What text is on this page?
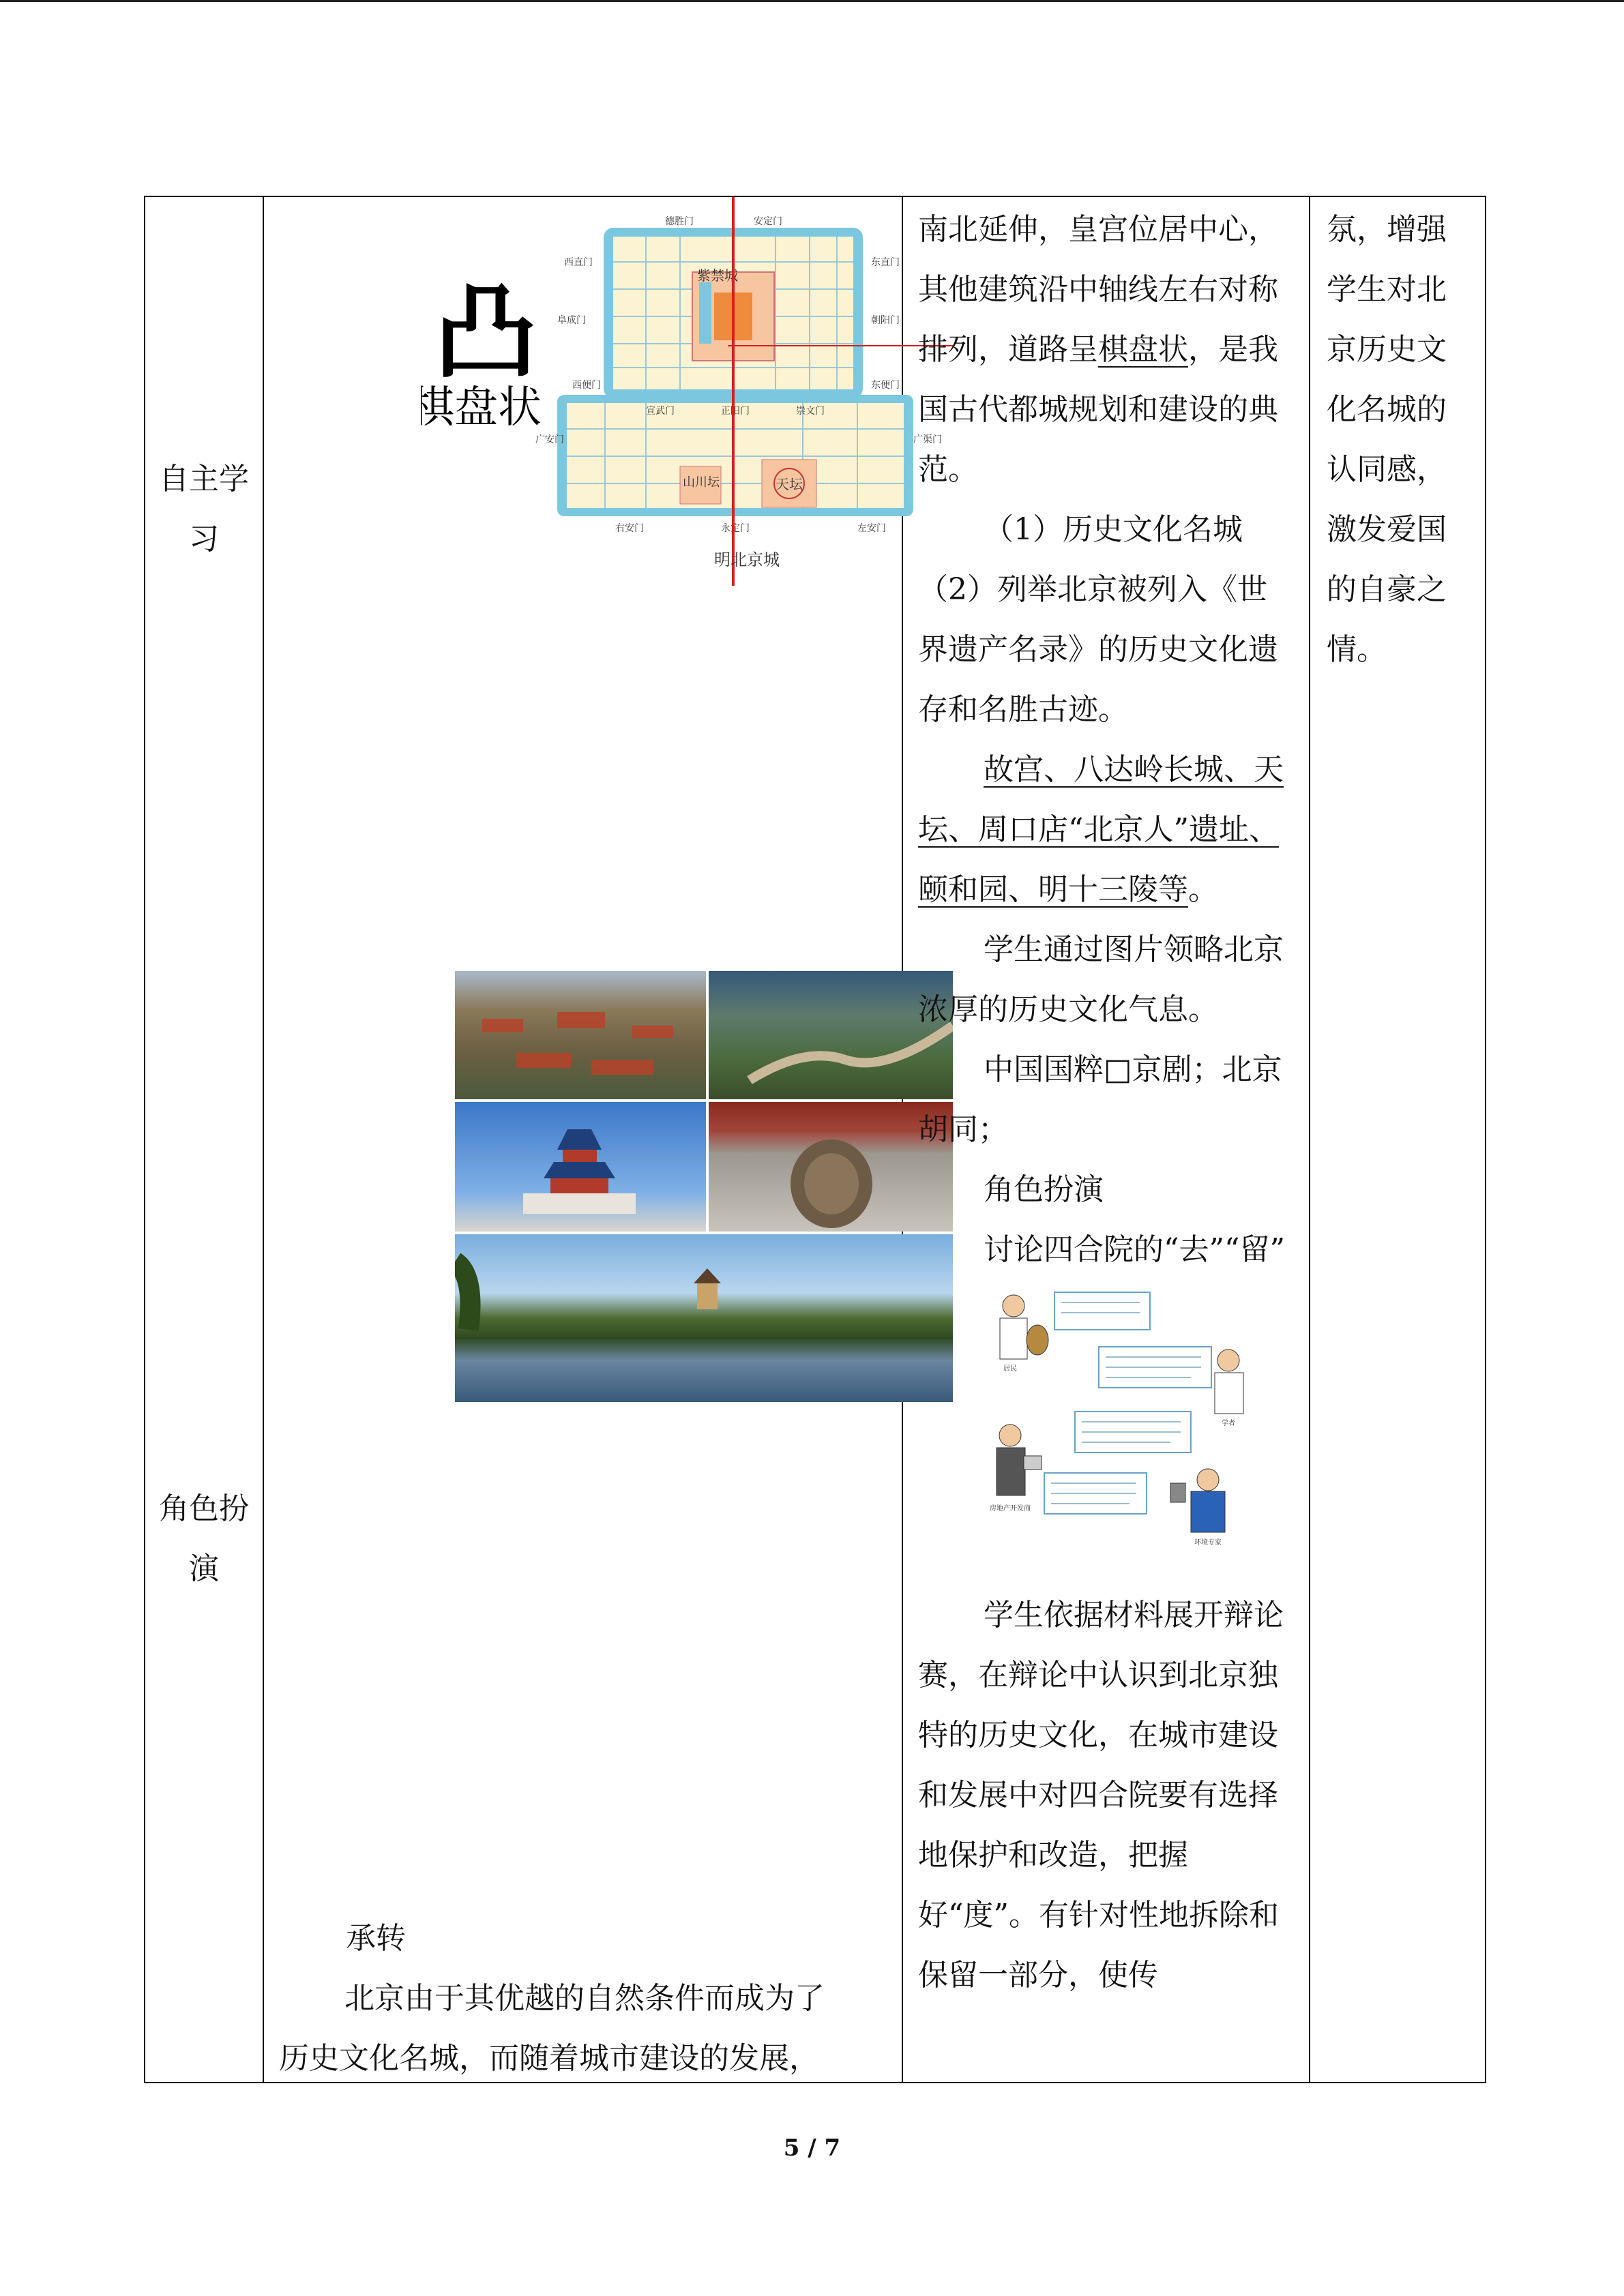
自主学习
角色扮演

凸
棋盘状
紫禁城
山川坛	天坛
德胜门	安定门
西直门	东直门
阜成门	朝阳门
西便门	东便门
宣武门	正阳门	崇文门
广安门	广渠门
右安门	永定门	左安门
明北京城

承转

北京由于其优越的自然条件而成为了

历史文化名城，而随着城市建设的发展，

南北延伸，皇宫位居中心，其他建筑沿中轴线左右对称排列，道路呈棋盘状，是我国古代都城规划和建设的典范。

（1）历史文化名城

（2）列举北京被列入《世界遗产名录》的历史文化遗存和名胜古迹。

故宫、八达岭长城、天坛、周口店“北京人”遗址、颐和园、明十三陵等。

学生通过图片领略北京浓厚的历史文化气息。

中国国粹□京剧；北京胡同；

角色扮演

讨论四合院的“去”“留”

居民
学者
房地产开发商
环境专家

学生依据材料展开辩论赛，在辩论中认识到北京独特的历史文化，在城市建设和发展中对四合院要有选择地保护和改造，把握好“度”。有针对性地拆除和保留一部分，使传

氛，增强学生对北京历史文化名城的认同感，激发爱国的自豪之情。

5 / 7
